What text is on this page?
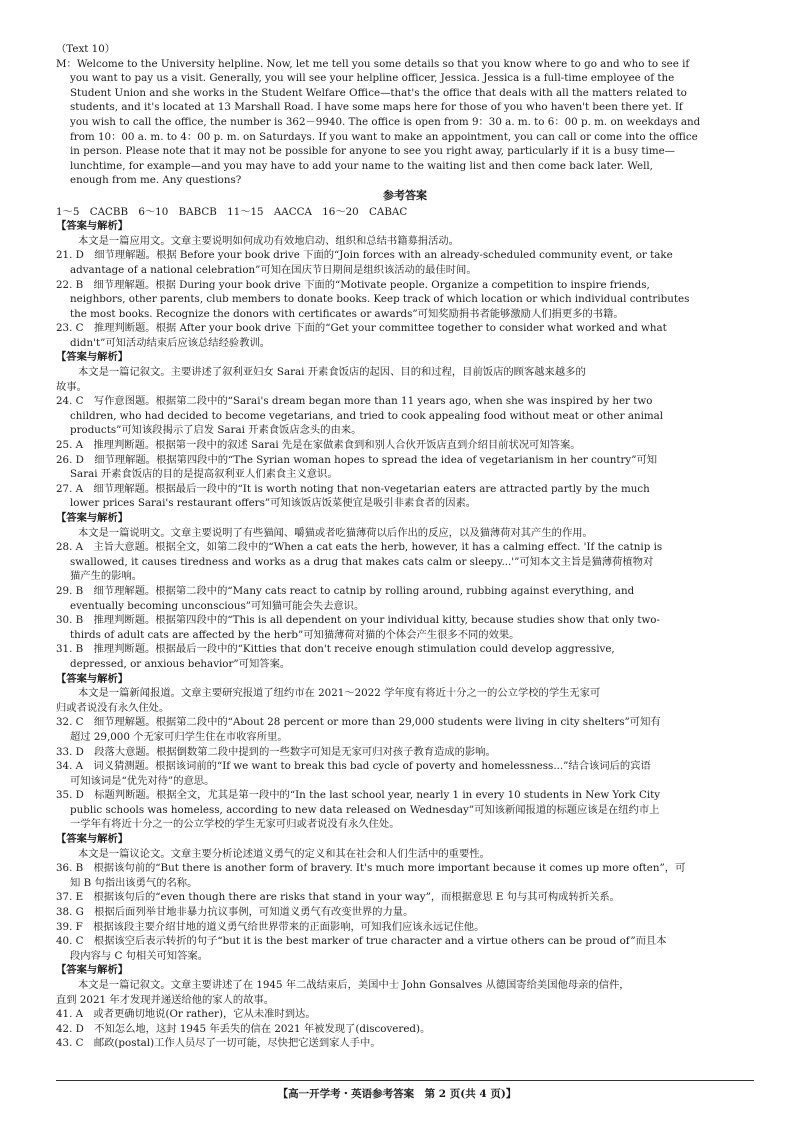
（Text 10）
M：Welcome to the University helpline. Now, let me tell you some details so that you know where to go and who to see if
you want to pay us a visit. Generally, you will see your helpline officer, Jessica. Jessica is a full-time employee of the
Student Union and she works in the Student Welfare Office—that's the office that deals with all the matters related to
students, and it's located at 13 Marshall Road. I have some maps here for those of you who haven't been there yet. If
you wish to call the office, the number is 362－9940. The office is open from 9：30 a. m. to 6：00 p. m. on weekdays and
from 10：00 a. m. to 4：00 p. m. on Saturdays. If you want to make an appointment, you can call or come into the office
in person. Please note that it may not be possible for anyone to see you right away, particularly if it is a busy time—
lunchtime, for example—and you may have to add your name to the waiting list and then come back later. Well,
enough from me. Any questions?
参考答案
1～5　CACBB　6～10　BABCB　11～15　AACCA　16～20　CABAC
【答案与解析】
本文是一篇应用文。文章主要说明如何成功有效地启动、组织和总结书籍募捐活动。
21. D　细节理解题。根据 Before your book drive 下面的“Join forces with an already-scheduled community event, or take
advantage of a national celebration”可知在国庆节日期间是组织该活动的最佳时间。
22. B　细节理解题。根据 During your book drive 下面的“Motivate people. Organize a competition to inspire friends,
neighbors, other parents, club members to donate books. Keep track of which location or which individual contributes
the most books. Recognize the donors with certificates or awards”可知奖励捐书者能够激励人们捐更多的书籍。
23. C　推理判断题。根据 After your book drive 下面的“Get your committee together to consider what worked and what
didn't”可知活动结束后应该总结经验教训。
【答案与解析】
本文是一篇记叙文。主要讲述了叙利亚妇女 Sarai 开素食饭店的起因、目的和过程，目前饭店的顾客越来越多的
故事。
24. C　写作意图题。根据第二段中的“Sarai's dream began more than 11 years ago, when she was inspired by her two
children, who had decided to become vegetarians, and tried to cook appealing food without meat or other animal
products”可知该段揭示了启发 Sarai 开素食饭店念头的由来。
25. A　推理判断题。根据第一段中的叙述 Sarai 先是在家做素食到和别人合伙开饭店直到介绍目前状况可知答案。
26. D　细节理解题。根据第四段中的“The Syrian woman hopes to spread the idea of vegetarianism in her country”可知
Sarai 开素食饭店的目的是提高叙利亚人们素食主义意识。
27. A　细节理解题。根据最后一段中的“It is worth noting that non-vegetarian eaters are attracted partly by the much
lower prices Sarai's restaurant offers”可知该饭店饭菜便宜是吸引非素食者的因素。
【答案与解析】
本文是一篇说明文。文章主要说明了有些猫闻、嚼猫或者吃猫薄荷以后作出的反应，以及猫薄荷对其产生的作用。
28. A　主旨大意题。根据全文，如第二段中的“When a cat eats the herb, however, it has a calming effect. 'If the catnip is
swallowed, it causes tiredness and works as a drug that makes cats calm or sleepy...'”可知本文主旨是猫薄荷植物对
猫产生的影响。
29. B　细节理解题。根据第二段中的“Many cats react to catnip by rolling around, rubbing against everything, and
eventually becoming unconscious”可知猫可能会失去意识。
30. B　推理判断题。根据第四段中的“This is all dependent on your individual kitty, because studies show that only two-
thirds of adult cats are affected by the herb”可知猫薄荷对猫的个体会产生很多不同的效果。
31. B　推理判断题。根据最后一段中的“Kitties that don't receive enough stimulation could develop aggressive,
depressed, or anxious behavior”可知答案。
【答案与解析】
本文是一篇新闻报道。文章主要研究报道了纽约市在 2021～2022 学年度有将近十分之一的公立学校的学生无家可
归或者说没有永久住处。
32. C　细节理解题。根据第二段中的“About 28 percent or more than 29,000 students were living in city shelters”可知有
超过 29,000 个无家可归学生住在市收容所里。
33. D　段落大意题。根据倒数第二段中提到的一些数字可知是无家可归对孩子教育造成的影响。
34. A　词义猜测题。根据该词前的“If we want to break this bad cycle of poverty and homelessness...”结合该词后的宾语
可知该词是“优先对待”的意思。
35. D　标题判断题。根据全文，尤其是第一段中的“In the last school year, nearly 1 in every 10 students in New York City
public schools was homeless, according to new data released on Wednesday”可知该新闻报道的标题应该是在纽约市上
一学年有将近十分之一的公立学校的学生无家可归或者说没有永久住处。
【答案与解析】
本文是一篇议论文。文章主要分析论述道义勇气的定义和其在社会和人们生活中的重要性。
36. B　根据该句前的“But there is another form of bravery. It's much more important because it comes up more often”，可
知 B 句指出该勇气的名称。
37. E　根据该句后的“even though there are risks that stand in your way”，而根据意思 E 句与其可构成转折关系。
38. G　根据后面列举甘地非暴力抗议事例，可知道义勇气有改变世界的力量。
39. F　根据该段主要介绍甘地的道义勇气给世界带来的正面影响，可知我们应该永远记住他。
40. C　根据该空后表示转折的句子“but it is the best marker of true character and a virtue others can be proud of”而且本
段内容与 C 句相关可知答案。
【答案与解析】
本文是一篇记叙文。文章主要讲述了在 1945 年二战结束后，美国中士 John Gonsalves 从德国寄给美国他母亲的信件，
直到 2021 年才发现并递送给他的家人的故事。
41. A　或者更确切地说(Or rather)，它从未准时到达。
42. D　不知怎么地，这封 1945 年丢失的信在 2021 年被发现了(discovered)。
43. C　邮政(postal)工作人员尽了一切可能，尽快把它送到家人手中。
【高一开学考・英语参考答案　第 2 页(共 4 页)】
